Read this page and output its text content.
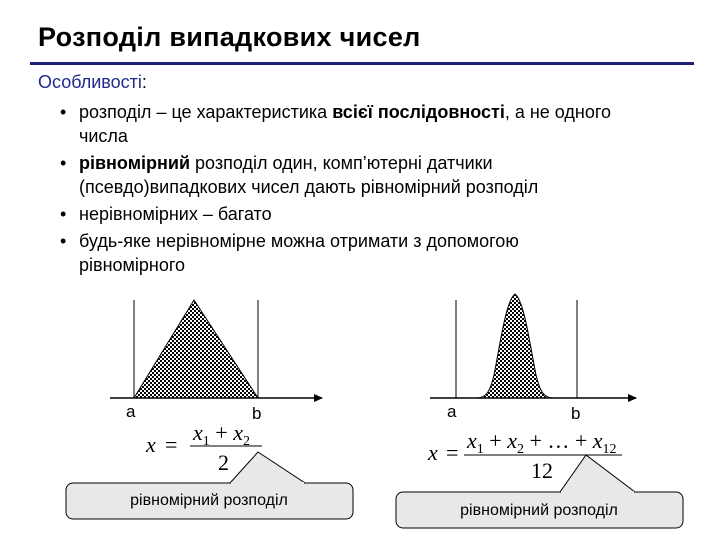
Розподіл випадкових чисел
Особливості:
• розподіл – це характеристика всієї послідовності, а не одного
числа
• рівномірний розподіл один, комп’ютерні датчики
(псевдо)випадкових чисел дають рівномірний розподіл
• нерівномірних – багато
• будь-яке нерівномірне можна отримати з допомогою
рівномірного
a	b
x = x1 + x2
2
рівномірний розподіл
a	b
x = x1 + x2 + … + x12
12
рівномірний розподіл
